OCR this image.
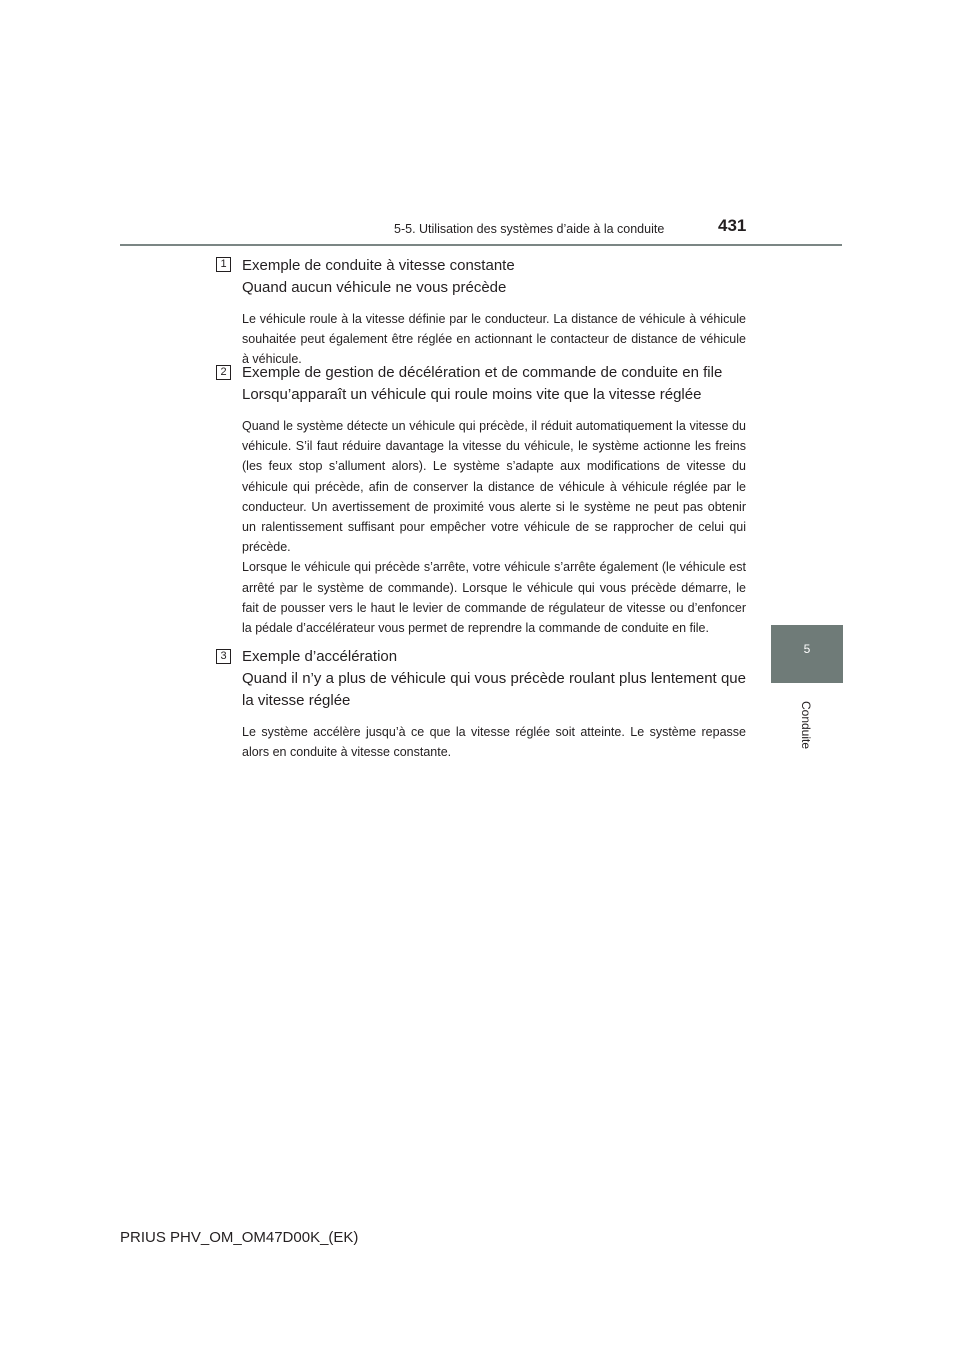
5-5. Utilisation des systèmes d’aide à la conduite	431
5
Conduite
1 Exemple de conduite à vitesse constante
Quand aucun véhicule ne vous précède

Le véhicule roule à la vitesse définie par le conducteur. La distance de véhicule à véhicule souhaitée peut également être réglée en actionnant le contacteur de distance de véhicule à véhicule.

2 Exemple de gestion de décélération et de commande de conduite en file
Lorsqu’apparaît un véhicule qui roule moins vite que la vitesse réglée

Quand le système détecte un véhicule qui précède, il réduit automatiquement la vitesse du véhicule. S’il faut réduire davantage la vitesse du véhicule, le système actionne les freins (les feux stop s’allument alors). Le système s’adapte aux modifications de vitesse du véhicule qui précède, afin de conserver la distance de véhicule à véhicule réglée par le conducteur. Un avertissement de proximité vous alerte si le système ne peut pas obtenir un ralentissement suffisant pour empêcher votre véhicule de se rapprocher de celui qui précède.

Lorsque le véhicule qui précède s’arrête, votre véhicule s’arrête également (le véhicule est arrêté par le système de commande). Lorsque le véhicule qui vous précède démarre, le fait de pousser vers le haut le levier de commande de régulateur de vitesse ou d’enfoncer la pédale d’accélérateur vous permet de reprendre la commande de conduite en file.

3 Exemple d’accélération
Quand il n’y a plus de véhicule qui vous précède roulant plus lentement que la vitesse réglée

Le système accélère jusqu’à ce que la vitesse réglée soit atteinte. Le système repasse alors en conduite à vitesse constante.

PRIUS PHV_OM_OM47D00K_(EK)
